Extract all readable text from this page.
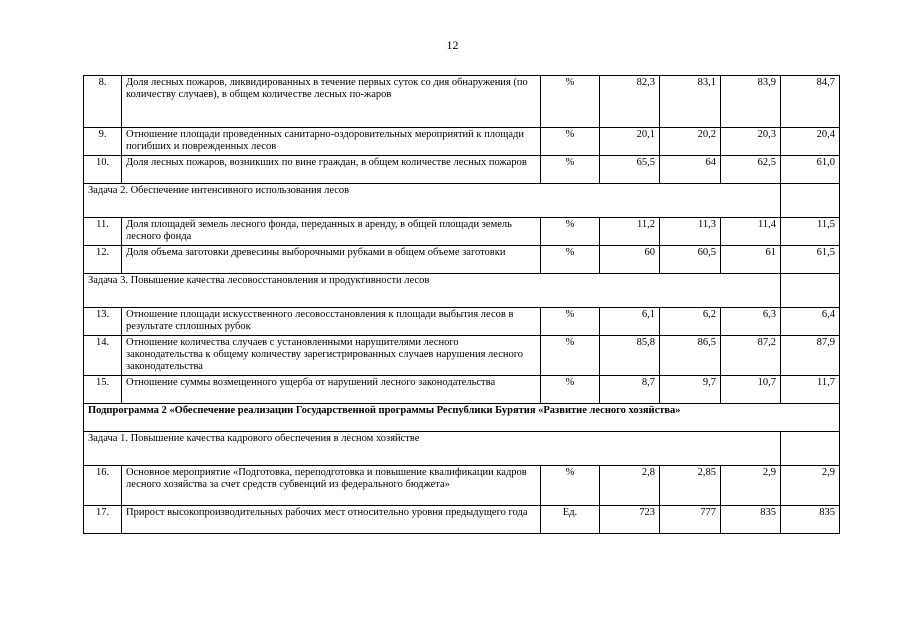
12
8.	Доля лесных пожаров, ликвидированных в течение первых суток со дня обнаружения (по количеству случаев), в общем количестве лесных по-жаров	%	82,3	83,1	83,9	84,7
9.	Отношение площади проведенных санитарно-оздоровительных мероприятий к площади погибших и поврежденных лесов	%	20,1	20,2	20,3	20,4
10.	Доля лесных пожаров, возникших по вине граждан, в общем количестве лесных пожаров	%	65,5	64	62,5	61,0
Задача 2. Обеспечение интенсивного использования лесов						
11.	Доля площадей земель лесного фонда, переданных в аренду, в общей площади земель лесного фонда	%	11,2	11,3	11,4	11,5
12.	Доля объема заготовки древесины выборочными рубками в общем объеме заготовки	%	60	60,5	61	61,5
Задача 3. Повышение качества лесовосстановления и продуктивности лесов						
13.	Отношение площади искусственного лесовосстановления к площади выбытия лесов в результате сплошных рубок	%	6,1	6,2	6,3	6,4
14.	Отношение количества случаев с установленными нарушителями лесного законодательства к общему количеству зарегистрированных случаев нарушения лесного законодательства	%	85,8	86,5	87,2	87,9
15.	Отношение суммы возмещенного ущерба от нарушений лесного законодательства	%	8,7	9,7	10,7	11,7
Подпрограмма 2 «Обеспечение реализации Государственной программы Республики Бурятия «Развитие лесного хозяйства»						
Задача 1. Повышение качества кадрового обеспечения в лесном хозяйстве						
16.	Основное мероприятие «Подготовка, переподготовка и повышение квалификации кадров лесного хозяйства за счет средств субвенций из федерального бюджета»	%	2,8	2,85	2,9	2,9
17.	Прирост высокопроизводительных рабочих мест относительно уровня предыдущего года	Ед.	723	777	835	835
